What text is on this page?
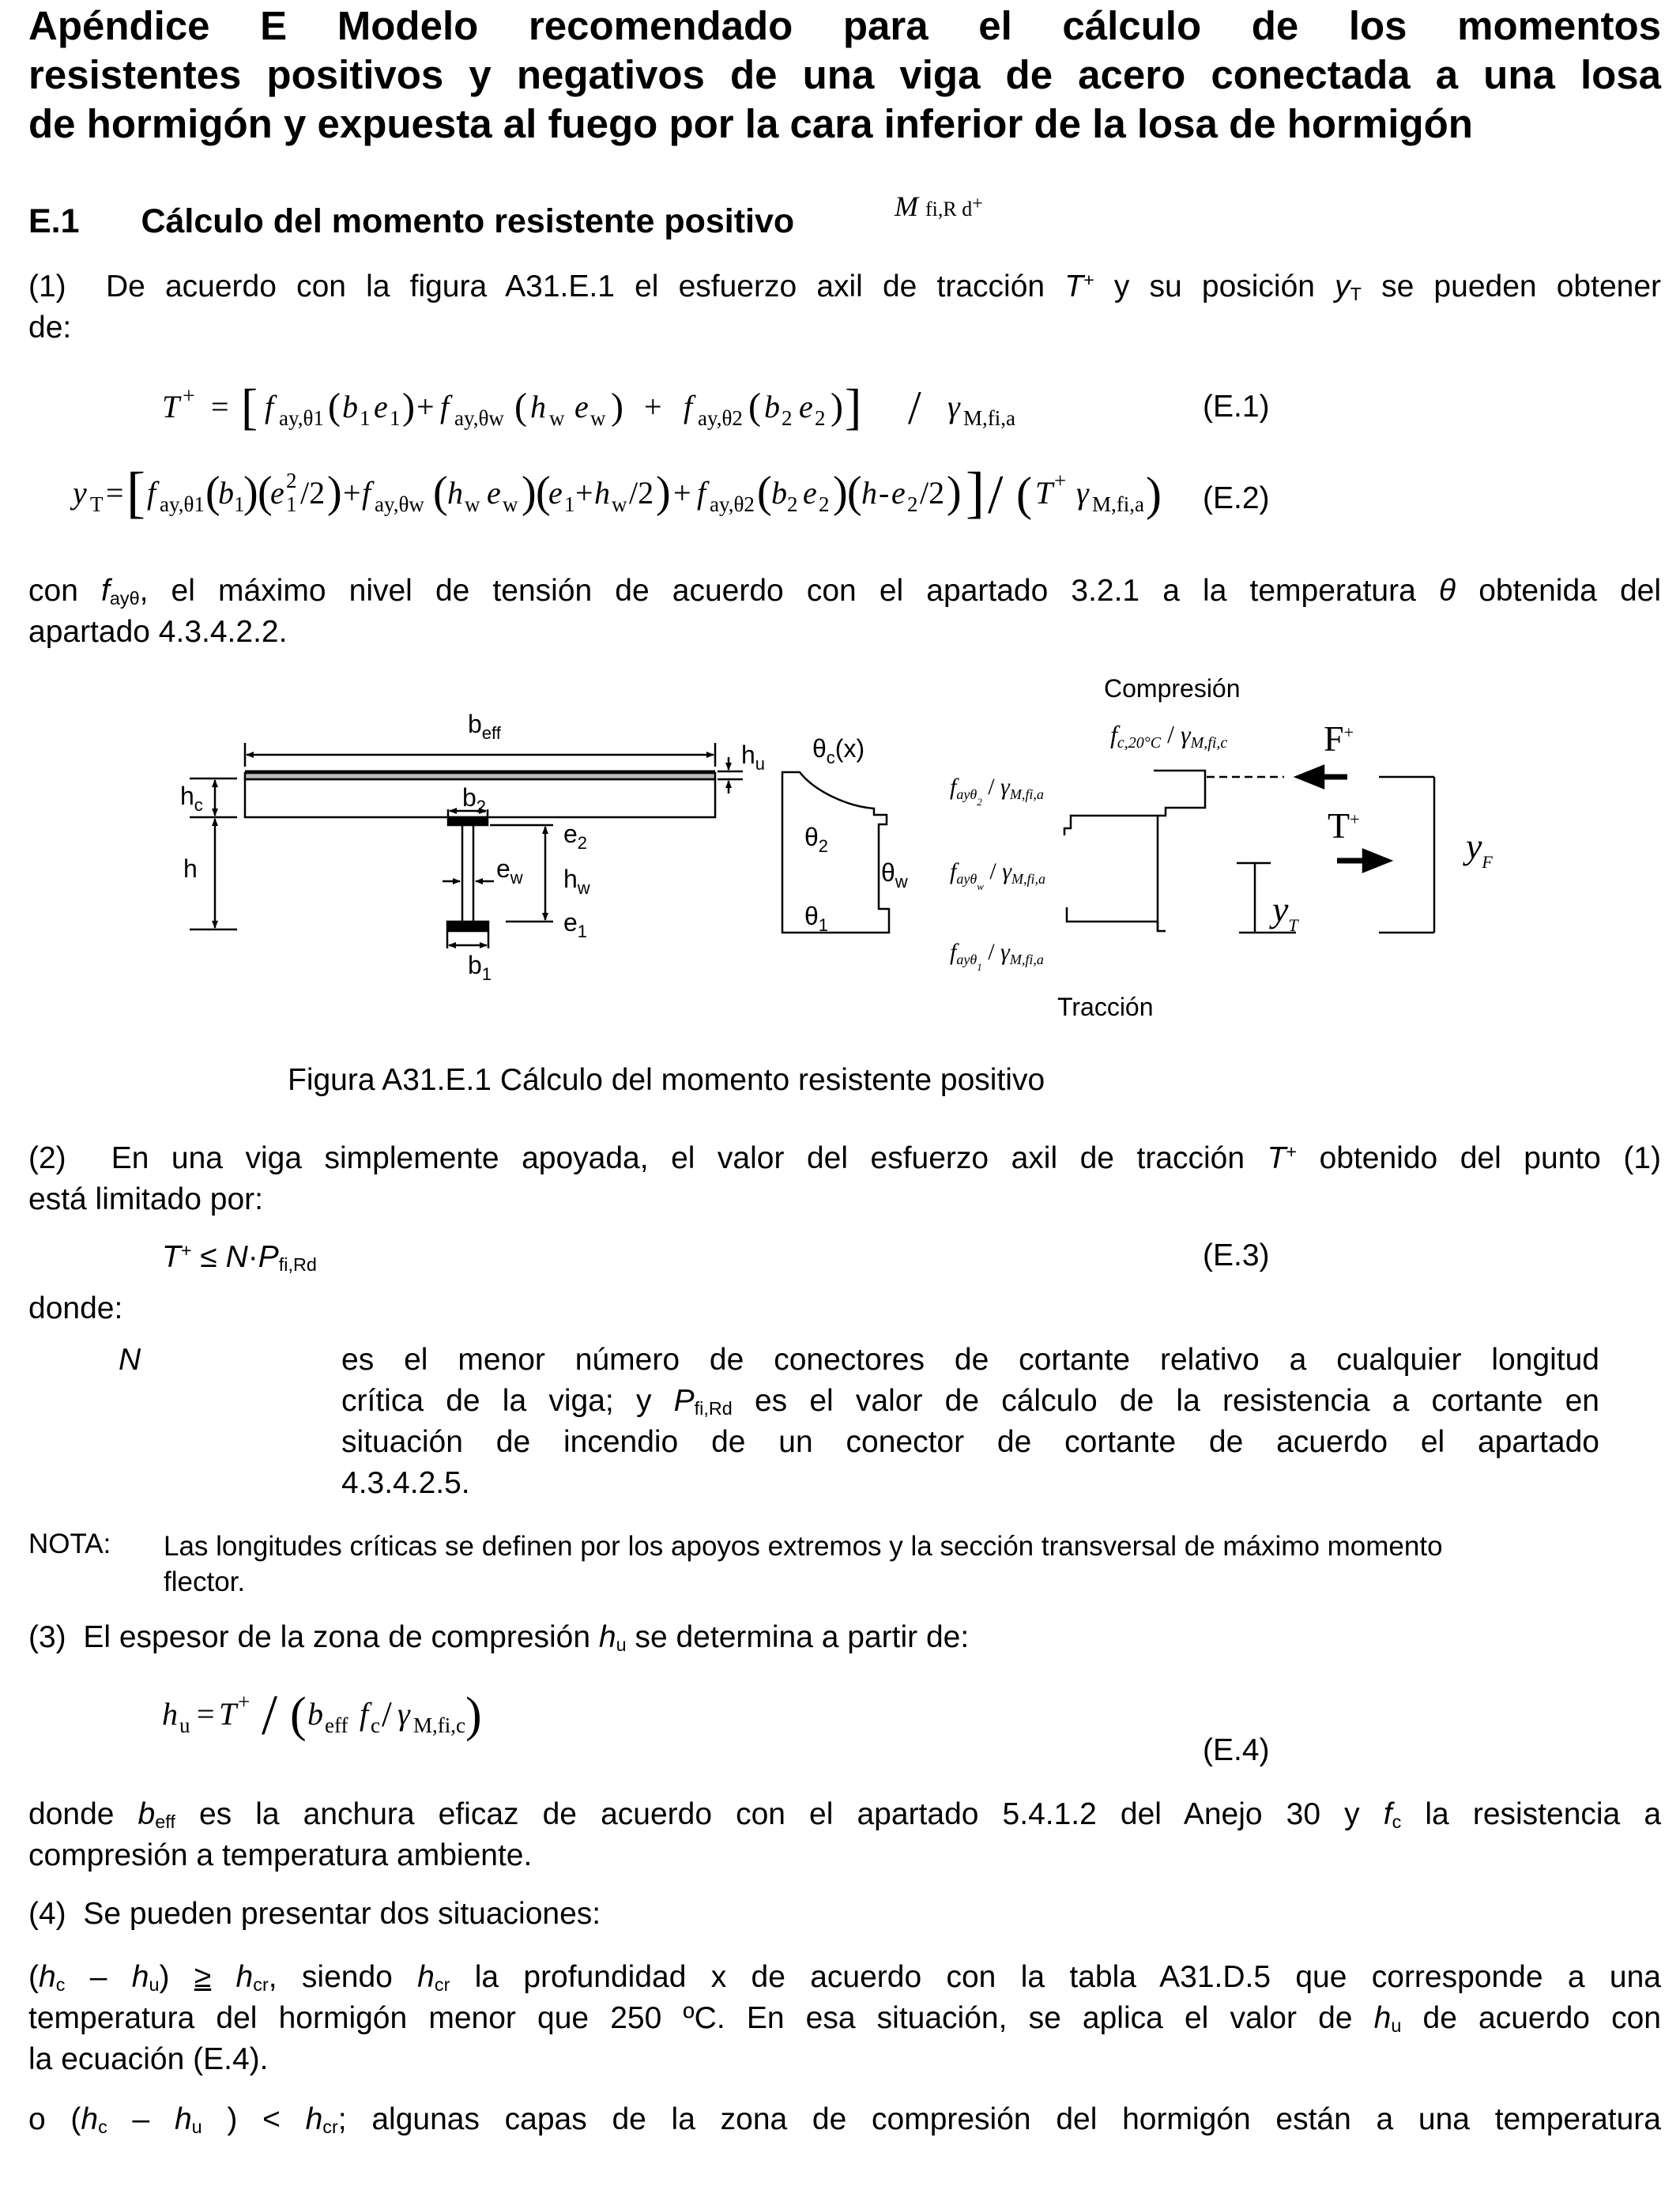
Apéndice E Modelo recomendado para el cálculo de los momentos
resistentes positivos y negativos de una viga de acero conectada a una losa
de hormigón y expuesta al fuego por la cara inferior de la losa de hormigón
E.1 Cálculo del momento resistente positivo	M fi,R d+
(1) De acuerdo con la figura A31.E.1 el esfuerzo axil de tracción T+ y su posición $y_T$ se pueden obtener
de:
T + = [ f ay,θ1 ( b 1 e 1 ) + f ay,θw ( h w e w ) + f ay,θ2 ( b 2 e 2 ) ] / γ M,fi,a	(E.1)
y T = [ f ay,θ1 (
b 1
) (
e 2
1 /2 ) + f ay,θw ( h w e w ) (
e 1 + h w /2 ) + f ay,θ2 ( b 2 e 2 ) ( h - e 2 /2 ) ] / ( T + γ M,fi,a ) (E.2)
con $f_{ay\theta}$, el máximo nivel de tensión de acuerdo con el apartado 3.2.1 a la temperatura θ obtenida del
apartado 4.3.4.2.2.
$b_{eff}$
$h_u$
$h_c$
h
$b_2$
$b_1$
$e_2$
$h_w$
$e_1$
$e_w$
$\theta_c(x)$
$\theta_2$
$\theta_1$
$\theta_w$
Compresión
Tracción
fc,20°C / γM,fi,c
$f_{ay\theta 2} / \gamma_{M,fi,a}$
$f_{ay\theta w} / \gamma_{M,fi,a}$
$f_{ay\theta 1} / \gamma_{M,fi,a}$
F+
T+
$y_F$
$y_T$
Figura A31.E.1 Cálculo del momento resistente positivo
(2) En una viga simplemente apoyada, el valor del esfuerzo axil de tracción T+ obtenido del punto (1)
está limitado por:
$T^+ \le N\cdot P_{fi,Rd}$	(E.3)
donde:
N	es el menor número de conectores de cortante relativo a cualquier longitud
crítica de la viga; y $P_{fi,Rd}$ es el valor de cálculo de la resistencia a cortante en
situación de incendio de un conector de cortante de acuerdo el apartado
4.3.4.2.5.
NOTA: Las longitudes críticas se definen por los apoyos extremos y la sección transversal de máximo momento
flector.
(3) El espesor de la zona de compresión $h_u$ se determina a partir de:
h u = T + / ( b eff f c / γ M,fi,c )
(E.4)
donde $b_{eff}$ es la anchura eficaz de acuerdo con el apartado 5.4.1.2 del Anejo 30 y $f_c$ la resistencia a
compresión a temperatura ambiente.
(4) Se pueden presentar dos situaciones:
$(h_c - h_u) \ge h_{cr}$, siendo $h_{cr}$ la profundidad x de acuerdo con la tabla A31.D.5 que corresponde a una
temperatura del hormigón menor que 250 ºC. En esa situación, se aplica el valor de $h_u$ de acuerdo con
la ecuación (E.4).
o ($h_c - h_u$ ) < $h_{cr}$; algunas capas de la zona de compresión del hormigón están a una temperatura
